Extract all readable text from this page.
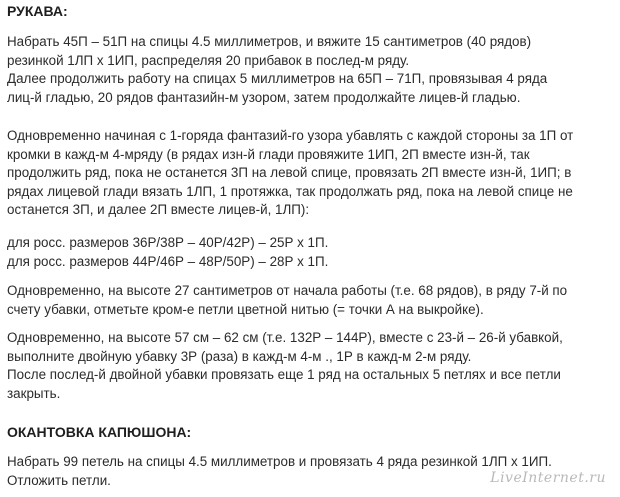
РУКАВА:

Набрать 45П – 51П на спицы 4.5 миллиметров, и вяжите 15 сантиметров (40 рядов)
резинкой 1ЛП х 1ИП, распределяя 20 прибавок в послед-м ряду.

Далее продолжить работу на спицах 5 миллиметров на 65П – 71П, провязывая 4 ряда
лиц-й гладью, 20 рядов фантазийн-м узором, затем продолжайте лицев-й гладью.

Одновременно начиная с 1-горяда фантазий-го узора убавлять с каждой стороны за 1П от
кромки в кажд-м 4-мряду (в рядах изн-й глади провяжите 1ИП, 2П вместе изн-й, так
продолжить ряд, пока не останется 3П на левой спице, провязать 2П вместе изн-й, 1ИП; в
рядах лицевой глади вязать 1ЛП, 1 протяжка, так продолжать ряд, пока на левой спице не
останется 3П, и далее 2П вместе лицев-й, 1ЛП):

для росс. размеров 36Р/38Р – 40Р/42Р) – 25Р х 1П.
для росс. размеров 44Р/46Р – 48Р/50Р) – 28Р х 1П.

Одновременно, на высоте 27 сантиметров от начала работы (т.е. 68 рядов), в ряду 7-й по
счету убавки, отметьте кром-е петли цветной нитью (= точки А на выкройке).

Одновременно, на высоте 57 см – 62 см (т.е. 132Р – 144Р), вместе с 23-й – 26-й убавкой,
выполните двойную убавку 3Р (раза) в кажд-м 4-м ., 1Р в кажд-м 2-м ряду.

После послед-й двойной убавки провязать еще 1 ряд на остальных 5 петлях и все петли
закрыть.

ОКАНТОВКА КАПЮШОНА:

Набрать 99 петель на спицы 4.5 миллиметров и провязать 4 ряда резинкой 1ЛП х 1ИП.
Отложить петли.	LiveInternet.ru
